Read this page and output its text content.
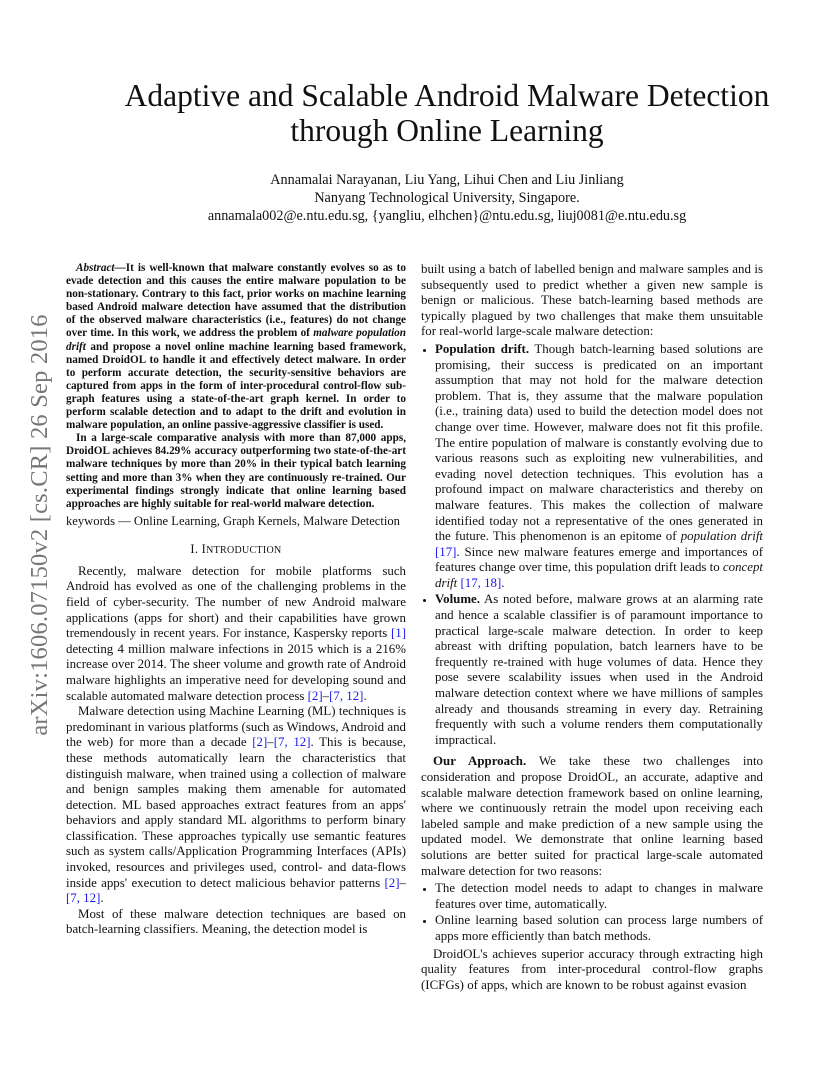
arXiv:1606.07150v2 [cs.CR] 26 Sep 2016
Adaptive and Scalable Android Malware Detection
through Online Learning
Annamalai Narayanan, Liu Yang, Lihui Chen and Liu Jinliang
Nanyang Technological University, Singapore.
annamala002@e.ntu.edu.sg, {yangliu, elhchen}@ntu.edu.sg, liuj0081@e.ntu.edu.sg

Abstract—It is well-known that malware constantly evolves so as to evade detection and this causes the entire malware population to be non-stationary. Contrary to this fact, prior works on machine learning based Android malware detection have assumed that the distribution of the observed malware characteristics (i.e., features) do not change over time. In this work, we address the problem of malware population drift and propose a novel online machine learning based framework, named DroidOL to handle it and effectively detect malware. In order to perform accurate detection, the security-sensitive behaviors are captured from apps in the form of inter-procedural control-flow sub-graph features using a state-of-the-art graph kernel. In order to perform scalable detection and to adapt to the drift and evolution in malware population, an online passive-aggressive classifier is used.

In a large-scale comparative analysis with more than 87,000 apps, DroidOL achieves 84.29% accuracy outperforming two state-of-the-art malware techniques by more than 20% in their typical batch learning setting and more than 3% when they are continuously re-trained. Our experimental findings strongly indicate that online learning based approaches are highly suitable for real-world malware detection.

keywords — Online Learning, Graph Kernels, Malware Detection

I. INTRODUCTION

Recently, malware detection for mobile platforms such Android has evolved as one of the challenging problems in the field of cyber-security. The number of new Android malware applications (apps for short) and their capabilities have grown tremendously in recent years. For instance, Kaspersky reports [1] detecting 4 million malware infections in 2015 which is a 216% increase over 2014. The sheer volume and growth rate of Android malware highlights an imperative need for developing sound and scalable automated malware detection process [2]–[7, 12].

Malware detection using Machine Learning (ML) techniques is predominant in various platforms (such as Windows, Android and the web) for more than a decade [2]–[7, 12]. This is because, these methods automatically learn the characteristics that distinguish malware, when trained using a collection of malware and benign samples making them amenable for automated detection. ML based approaches extract features from an apps' behaviors and apply standard ML algorithms to perform binary classification. These approaches typically use semantic features such as system calls/Application Programming Interfaces (APIs) invoked, resources and privileges used, control- and data-flows inside apps' execution to detect malicious behavior patterns [2]–[7, 12].

Most of these malware detection techniques are based on batch-learning classifiers. Meaning, the detection model is

built using a batch of labelled benign and malware samples and is subsequently used to predict whether a given new sample is benign or malicious. These batch-learning based methods are typically plagued by two challenges that make them unsuitable for real-world large-scale malware detection:

• Population drift. Though batch-learning based solutions are promising, their success is predicated on an important assumption that may not hold for the malware detection problem. That is, they assume that the malware population (i.e., training data) used to build the detection model does not change over time. However, malware does not fit this profile. The entire population of malware is constantly evolving due to various reasons such as exploiting new vulnerabilities, and evading novel detection techniques. This evolution has a profound impact on malware characteristics and thereby on malware features. This makes the collection of malware identified today not a representative of the ones generated in the future. This phenomenon is an epitome of population drift [17]. Since new malware features emerge and importances of features change over time, this population drift leads to concept drift [17, 18].
• Volume. As noted before, malware grows at an alarming rate and hence a scalable classifier is of paramount importance to practical large-scale malware detection. In order to keep abreast with drifting population, batch learners have to be frequently re-trained with huge volumes of data. Hence they pose severe scalability issues when used in the Android malware detection context where we have millions of samples already and thousands streaming in every day. Retraining frequently with such a volume renders them computationally impractical.

Our Approach. We take these two challenges into consideration and propose DroidOL, an accurate, adaptive and scalable malware detection framework based on online learning, where we continuously retrain the model upon receiving each labeled sample and make prediction of a new sample using the updated model. We demonstrate that online learning based solutions are better suited for practical large-scale automated malware detection for two reasons:

• The detection model needs to adapt to changes in malware features over time, automatically.
• Online learning based solution can process large numbers of apps more efficiently than batch methods.

DroidOL's achieves superior accuracy through extracting high quality features from inter-procedural control-flow graphs (ICFGs) of apps, which are known to be robust against evasion
